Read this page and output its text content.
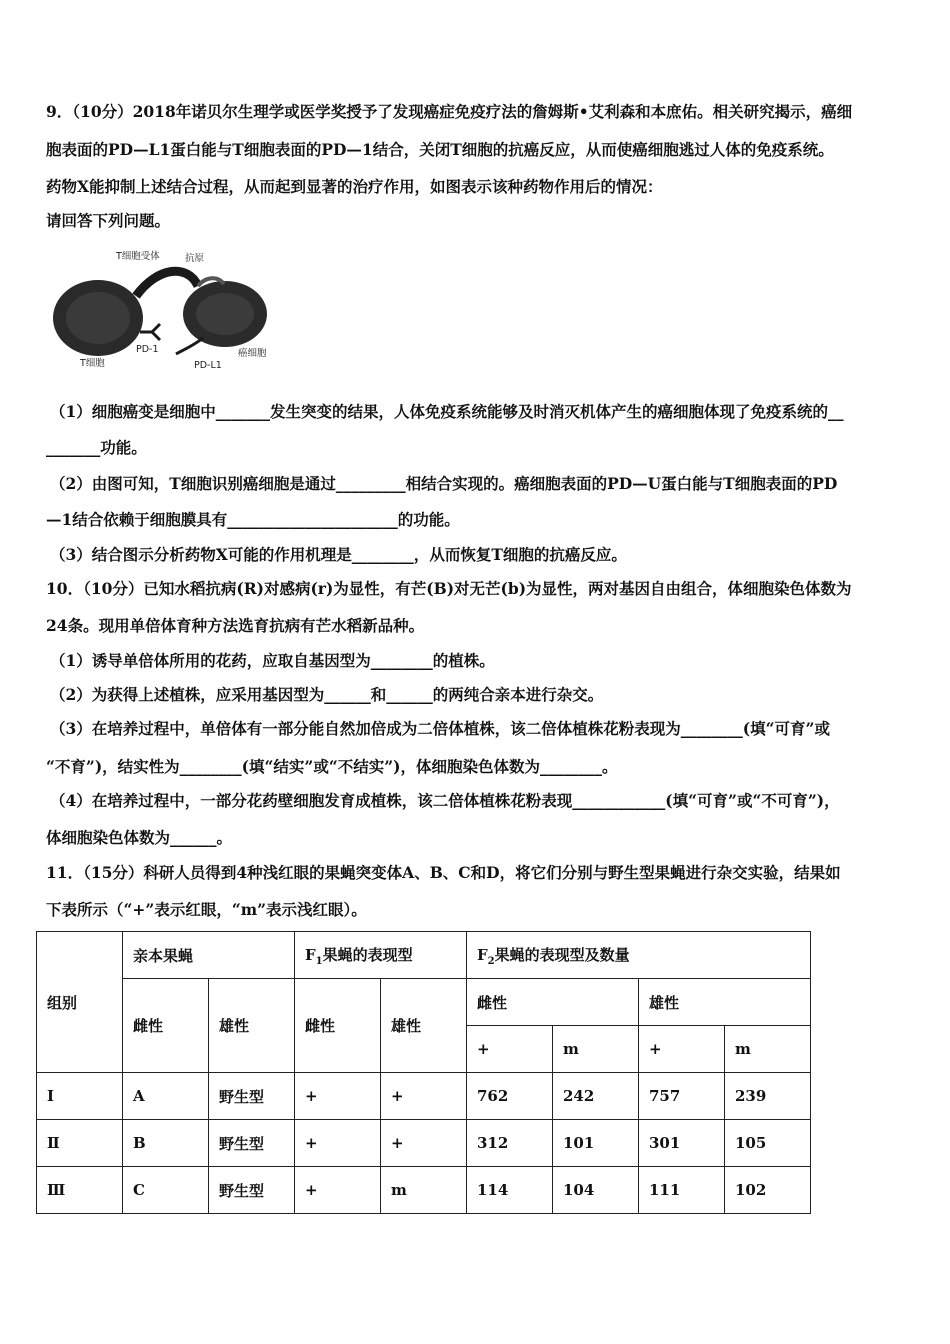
9．（10分）2018年诺贝尔生理学或医学奖授予了发现癌症免疫疗法的詹姆斯•艾利森和本庶佑。相关研究揭示，癌细
胞表面的PD—L1蛋白能与T细胞表面的PD—1结合，关闭T细胞的抗癌反应，从而使癌细胞逃过人体的免疫系统。
药物X能抑制上述结合过程，从而起到显著的治疗作用，如图表示该种药物作用后的情况：
请回答下列问题。
T细胞受体	抗原
T细胞
PD-1
PD-L1
癌细胞
（1）细胞癌变是细胞中_______发生突变的结果，人体免疫系统能够及时消灭机体产生的癌细胞体现了免疫系统的__
_______功能。
（2）由图可知，T细胞识别癌细胞是通过_________相结合实现的。癌细胞表面的PD—U蛋白能与T细胞表面的PD
—1结合依赖于细胞膜具有______________________的功能。
（3）结合图示分析药物X可能的作用机理是________，从而恢复T细胞的抗癌反应。
10．（10分）已知水稻抗病(R)对感病(r)为显性，有芒(B)对无芒(b)为显性，两对基因自由组合，体细胞染色体数为
24条。现用单倍体育种方法选育抗病有芒水稻新品种。
（1）诱导单倍体所用的花药，应取自基因型为________的植株。
（2）为获得上述植株，应采用基因型为______和______的两纯合亲本进行杂交。
（3）在培养过程中，单倍体有一部分能自然加倍成为二倍体植株，该二倍体植株花粉表现为________(填“可育”或
“不育”)，结实性为________(填“结实”或“不结实”)，体细胞染色体数为________。
（4）在培养过程中，一部分花药壁细胞发育成植株，该二倍体植株花粉表现____________(填“可育”或“不可育”)，
体细胞染色体数为______。
11．（15分）科研人员得到4种浅红眼的果蝇突变体A、B、C和D，将它们分别与野生型果蝇进行杂交实验，结果如
下表所示（“+”表示红眼，“m”表示浅红眼）。
组别	亲本果蝇		$F_1$果蝇的表现型		$F_2$果蝇的表现型及数量			
	雌性	雄性	雌性	雄性	雌性		雄性	
					+	m	+	m
Ⅰ	A	野生型	+	+	762	242	757	239
Ⅱ	B	野生型	+	+	312	101	301	105
Ⅲ	C	野生型	+	m	114	104	111	102
